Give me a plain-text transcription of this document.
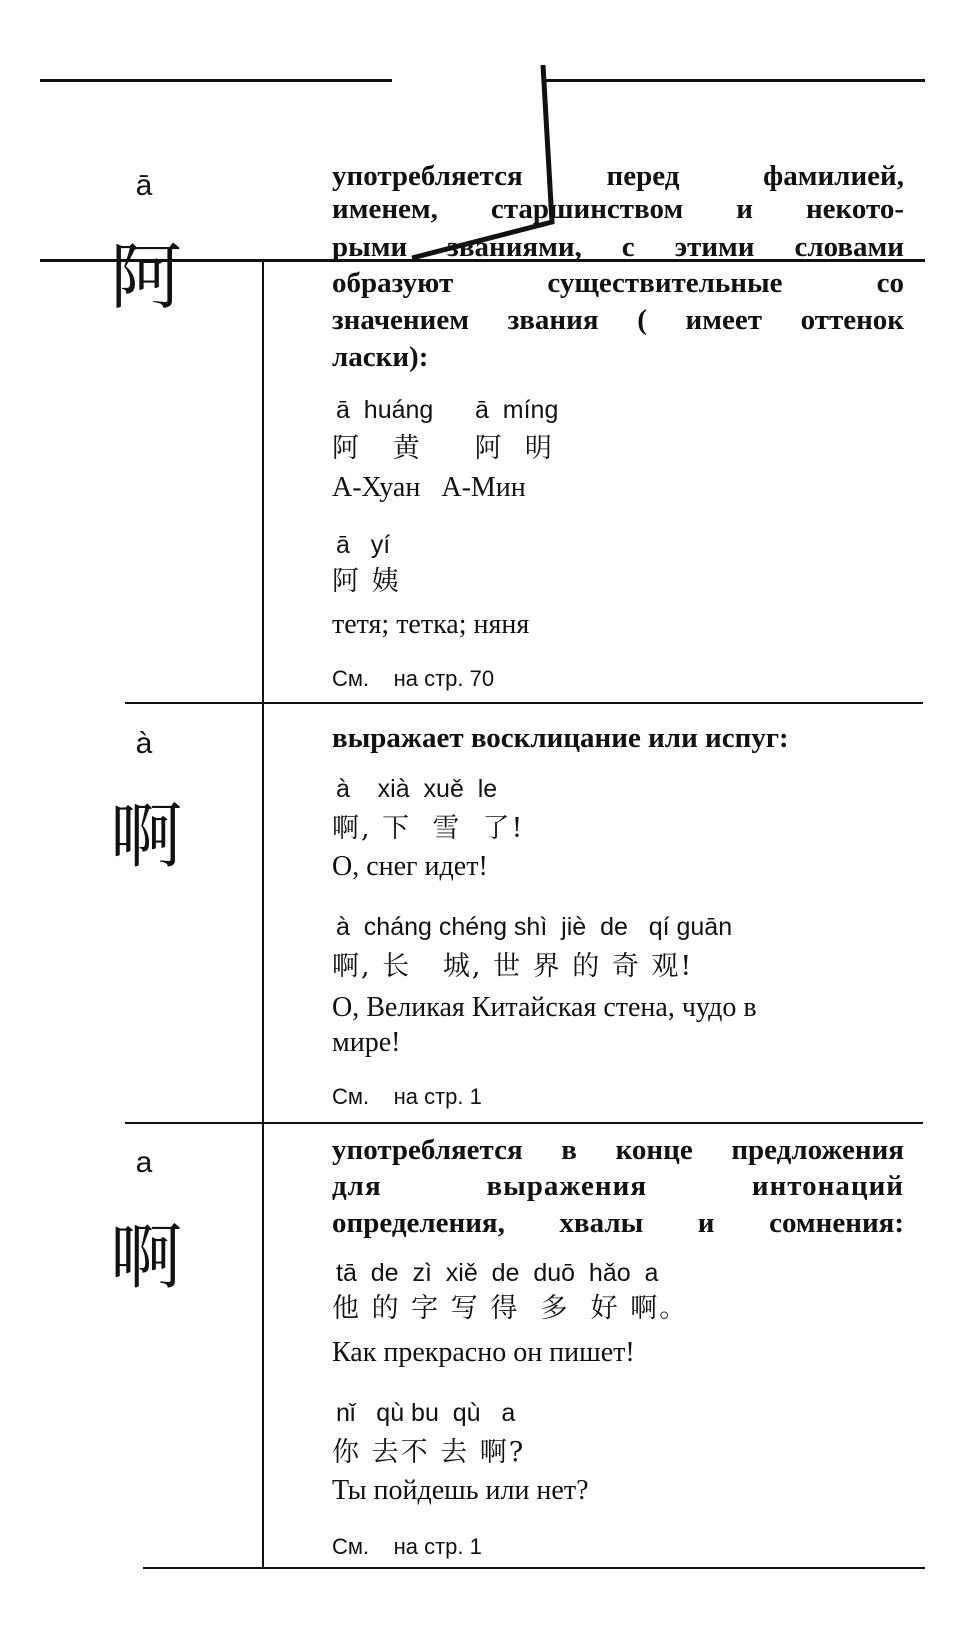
ā
阿
употребляется перед фамилией,
именем, старшинством и некото-
рыми званиями, с этими словами
образуют существительные со
значением звания ( имеет оттенок
ласки):
ā  huáng      ā  míng
阿   黄     阿  明
А-Хуан   А-Мин
ā   yí
阿 姨
тетя; тетка; няня
См.    на стр. 70
à
啊
выражает восклицание или испуг:
à    xià  xuě  le
啊, 下  雪  了!
О, снег идет!
à  cháng chéng shì  jiè  de   qí guān
啊, 长   城, 世 界 的 奇 观!
О, Великая Китайская стена, чудо в
мире!
См.    на стр. 1
a
啊
употребляется в конце предложения
для выражения интонаций
определения, хвалы и сомнения:
tā  de  zì  xiě  de  duō  hǎo  a
他 的 字 写 得  多  好 啊。
Как прекрасно он пишет!
nǐ   qù bu  qù   a
你 去不 去 啊?
Ты пойдешь или нет?
См.    на стр. 1
